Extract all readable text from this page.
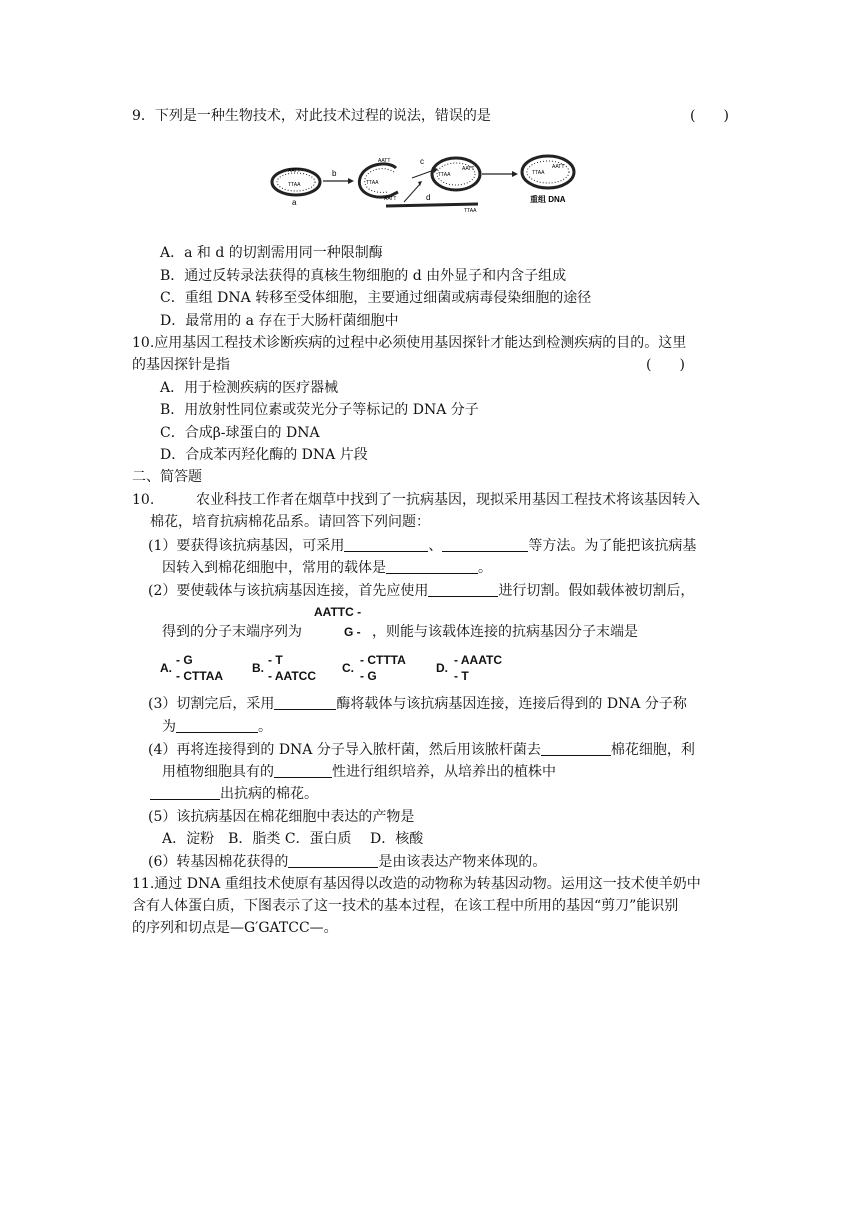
9．下列是一种生物技术，对此技术过程的说法，错误的是	(　　)
AATT
TTAA
a
b
AATT
TTAA
AATT
TTAA
d
c
TTAA
AATT
TTAA
AATT
重组 DNA
A．a 和 d 的切割需用同一种限制酶
B．通过反转录法获得的真核生物细胞的 d 由外显子和内含子组成
C．重组 DNA 转移至受体细胞，主要通过细菌或病毒侵染细胞的途径
D．最常用的 a 存在于大肠杆菌细胞中
10.应用基因工程技术诊断疾病的过程中必须使用基因探针才能达到检测疾病的目的。这里
的基因探针是指	(　　)
A．用于检测疾病的医疗器械
B．用放射性同位素或荧光分子等标记的 DNA 分子
C．合成β-球蛋白的 DNA
D．合成苯丙羟化酶的 DNA 片段
二、简答题
10.	农业科技工作者在烟草中找到了一抗病基因，现拟采用基因工程技术将该基因转入
棉花，培育抗病棉花品系。请回答下列问题：
(1）要获得该抗病基因，可采用	、	等方法。为了能把该抗病基
因转入到棉花细胞中，常用的载体是	。
(2）要使载体与该抗病基因连接，首先应使用	进行切割。假如载体被切割后，
AATTC -
得到的分子末端序列为	G - ，则能与该载体连接的抗病基因分子末端是
A.
- G
- CTTAA
B.
- T
- AATCC
C.
- CTTTA
- G
D.
- AAATC
- T
(3）切割完后，采用	酶将载体与该抗病基因连接，连接后得到的 DNA 分子称
为	。
(4）再将连接得到的 DNA 分子导入脓杆菌，然后用该脓杆菌去	棉花细胞，利
用植物细胞具有的	性进行组织培养，从培养出的植株中
出抗病的棉花。
(5）该抗病基因在棉花细胞中表达的产物是
A．淀粉　B．脂类 C．蛋白质　 D．核酸
(6）转基因棉花获得的	是由该表达产物来体现的。
11.通过 DNA 重组技术使原有基因得以改造的动物称为转基因动物。运用这一技术使羊奶中
含有人体蛋白质，下图表示了这一技术的基本过程，在该工程中所用的基因“剪刀”能识别
的序列和切点是—G′GATCC—。
